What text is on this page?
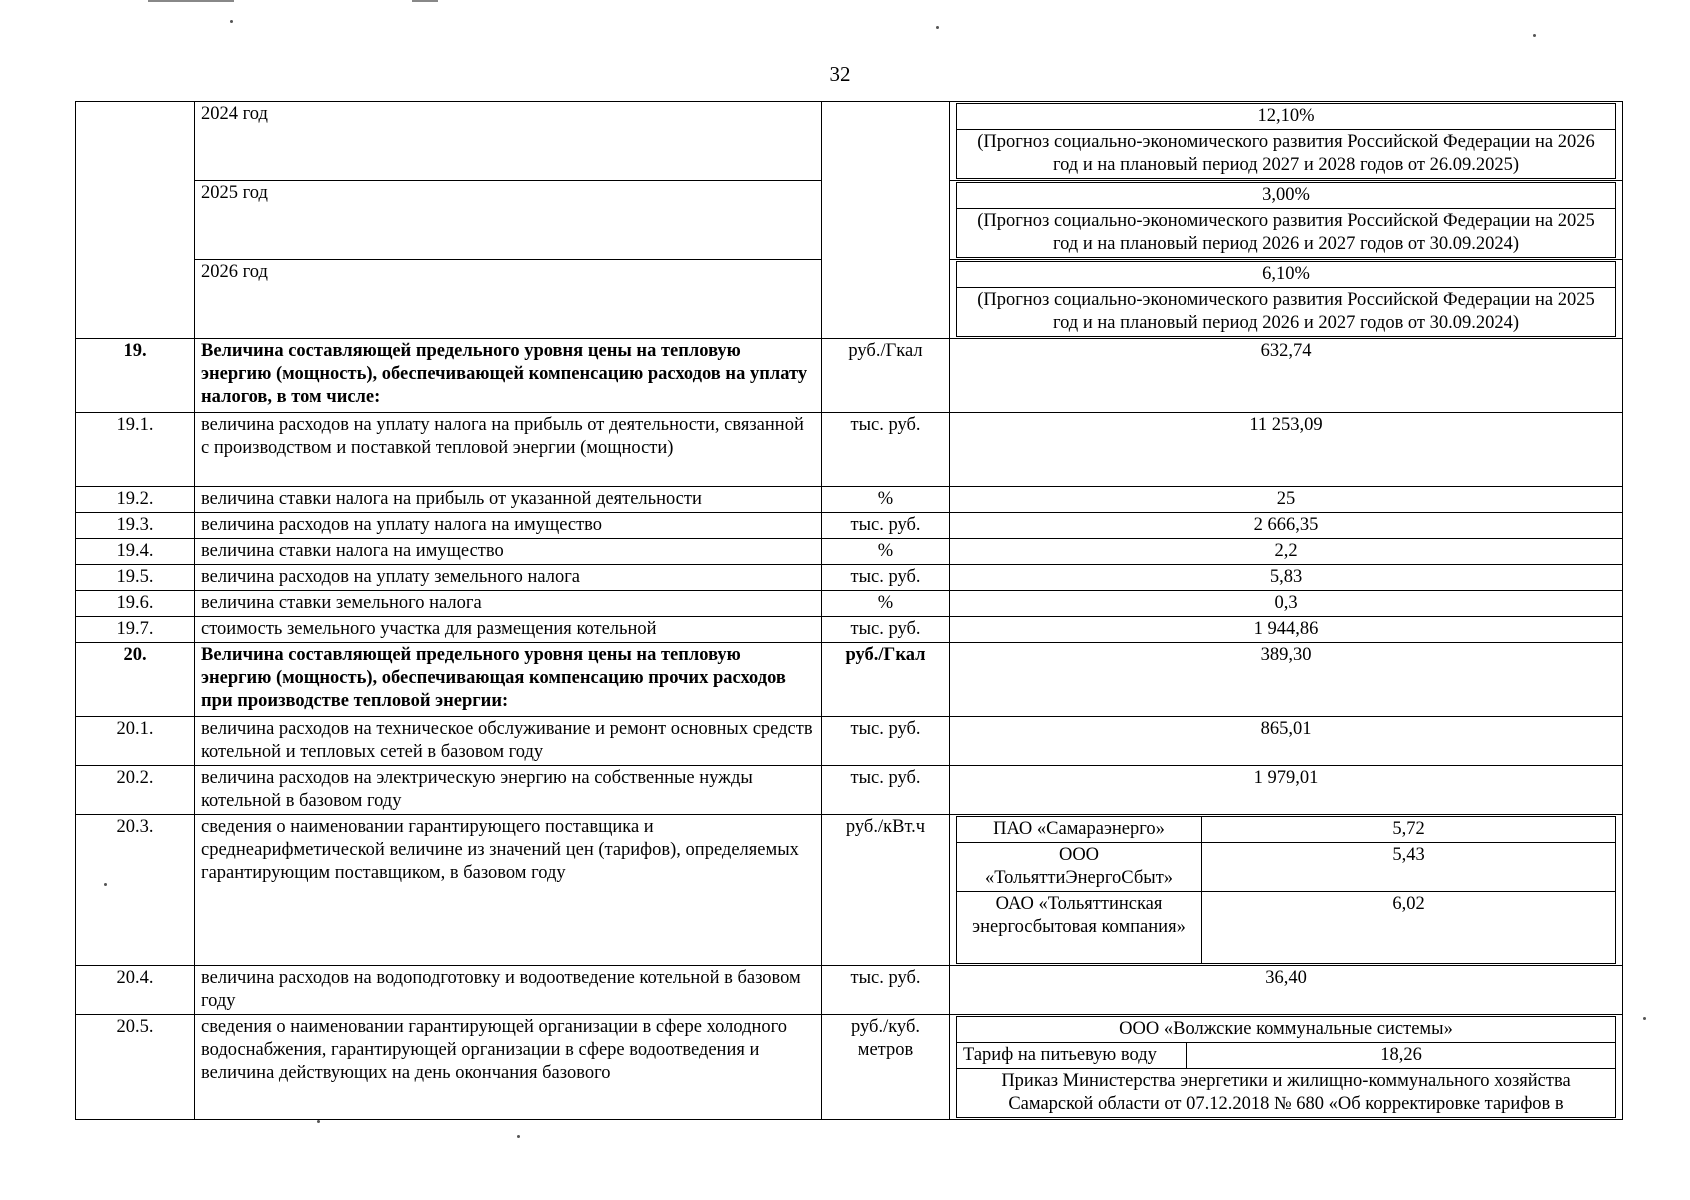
32
	2024 год			12,10%
(Прогноз социально-экономического развития Российской Федерации на 2026 год и на плановый период 2027 и 2028 годов от 26.09.2025)

2025 год		3,00%
(Прогноз социально-экономического развития Российской Федерации на 2025 год и на плановый период 2026 и 2027 годов от 30.09.2024)

2026 год		6,10%
(Прогноз социально-экономического развития Российской Федерации на 2025 год и на плановый период 2026 и 2027 годов от 30.09.2024)

19.	Величина составляющей предельного уровня цены на тепловую энергию (мощность), обеспечивающей компенсацию расходов на уплату налогов, в том числе:	руб./Гкал	632,74
19.1.	величина расходов на уплату налога на прибыль от деятельности, связанной с производством и поставкой тепловой энергии (мощности)	тыс. руб.	11 253,09
19.2.	величина ставки налога на прибыль от указанной деятельности	%	25
19.3.	величина расходов на уплату налога на имущество	тыс. руб.	2 666,35
19.4.	величина ставки налога на имущество	%	2,2
19.5.	величина расходов на уплату земельного налога	тыс. руб.	5,83
19.6.	величина ставки земельного налога	%	0,3
19.7.	стоимость земельного участка для размещения котельной	тыс. руб.	1 944,86
20.	Величина составляющей предельного уровня цены на тепловую энергию (мощность), обеспечивающая компенсацию прочих расходов при производстве тепловой энергии:	руб./Гкал	389,30
20.1.	величина расходов на техническое обслуживание и ремонт основных средств котельной и тепловых сетей в базовом году	тыс. руб.	865,01
20.2.	величина расходов на электрическую энергию на собственные нужды котельной в базовом году	тыс. руб.	1 979,01
20.3.	сведения о наименовании гарантирующего поставщика и среднеарифметической величине из значений цен (тарифов), определяемых гарантирующим поставщиком, в базовом году	руб./кВт.ч		ПАО «Самараэнерго»	5,72
ООО «ТольяттиЭнергоСбыт»	5,43
ОАО «Тольяттинская энергосбытовая компания»	6,02

20.4.	величина расходов на водоподготовку и водоотведение котельной в базовом году	тыс. руб.	36,40
20.5.	сведения о наименовании гарантирующей организации в сфере холодного водоснабжения, гарантирующей организации в сфере водоотведения и величина действующих на день окончания базового	руб./куб. метров	
ООО «Волжские коммунальные системы»
Тариф на питьевую воду	18,26
Приказ Министерства энергетики и жилищно-коммунального хозяйства Самарской области от 07.12.2018 № 680 «Об корректировке тарифов в
